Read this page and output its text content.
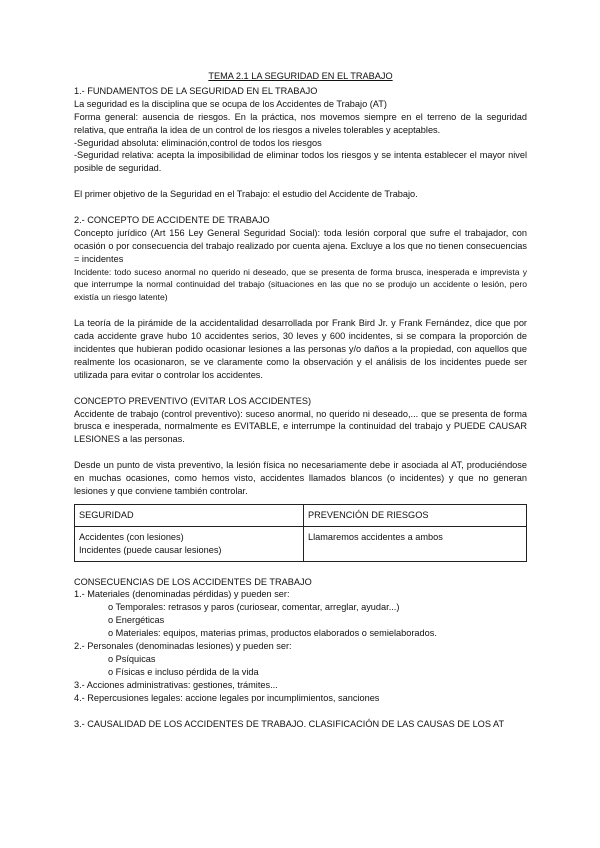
TEMA 2.1 LA SEGURIDAD EN EL TRABAJO

1.- FUNDAMENTOS DE LA SEGURIDAD EN EL TRABAJO

La seguridad es la disciplina que se ocupa de los Accidentes de Trabajo (AT)

Forma general: ausencia de riesgos. En la práctica, nos movemos siempre en el terreno de la seguridad relativa, que entraña la idea de un control de los riesgos a niveles tolerables y aceptables.

-Seguridad absoluta: eliminación,control de todos los riesgos

-Seguridad relativa: acepta la imposibilidad de eliminar todos los riesgos y se intenta establecer el mayor nivel posible de seguridad.

El primer objetivo de la Seguridad en el Trabajo: el estudio del Accidente de Trabajo.

2.- CONCEPTO DE ACCIDENTE DE TRABAJO

Concepto jurídico (Art 156 Ley General Seguridad Social): toda lesión corporal que sufre el trabajador, con ocasión o por consecuencia del trabajo realizado por cuenta ajena. Excluye a los que no tienen consecuencias = incidentes

Incidente: todo suceso anormal no querido ni deseado, que se presenta de forma brusca, inesperada e imprevista y que interrumpe la normal continuidad del trabajo (situaciones en las que no se produjo un accidente o lesión, pero existía un riesgo latente)

La teoría de la pirámide de la accidentalidad desarrollada por Frank Bird Jr. y Frank Fernández, dice que por cada accidente grave hubo 10 accidentes serios, 30 leves y 600 incidentes, si se compara la proporción de incidentes que hubieran podido ocasionar lesiones a las personas y/o daños a la propiedad, con aquellos que realmente los ocasionaron, se ve claramente como la observación y el análisis de los incidentes puede ser utilizada para evitar o controlar los accidentes.

CONCEPTO PREVENTIVO (EVITAR LOS ACCIDENTES)

Accidente de trabajo (control preventivo): suceso anormal, no querido ni deseado,... que se presenta de forma brusca e inesperada, normalmente es EVITABLE, e interrumpe la continuidad del trabajo y PUEDE CAUSAR LESIONES a las personas.

Desde un punto de vista preventivo, la lesión física no necesariamente debe ir asociada al AT, produciéndose en muchas ocasiones, como hemos visto, accidentes llamados blancos (o incidentes) y que no generan lesiones y que conviene también controlar.

SEGURIDAD	PREVENCIÓN DE RIESGOS

Accidentes (con lesiones)
Incidentes (puede causar lesiones)	Llamaremos accidentes a ambos

CONSECUENCIAS DE LOS ACCIDENTES DE TRABAJO

1.- Materiales (denominadas pérdidas) y pueden ser:

o Temporales: retrasos y paros (curiosear, comentar, arreglar, ayudar...)

o Energéticas

o Materiales: equipos, materias primas, productos elaborados o semielaborados.

2.- Personales (denominadas lesiones) y pueden ser:

o Psíquicas

o Físicas e incluso pérdida de la vida

3.- Acciones administrativas: gestiones, trámites...

4.- Repercusiones legales: accione legales por incumplimientos, sanciones

3.- CAUSALIDAD DE LOS ACCIDENTES DE TRABAJO. CLASIFICACIÓN DE LAS CAUSAS DE LOS AT
